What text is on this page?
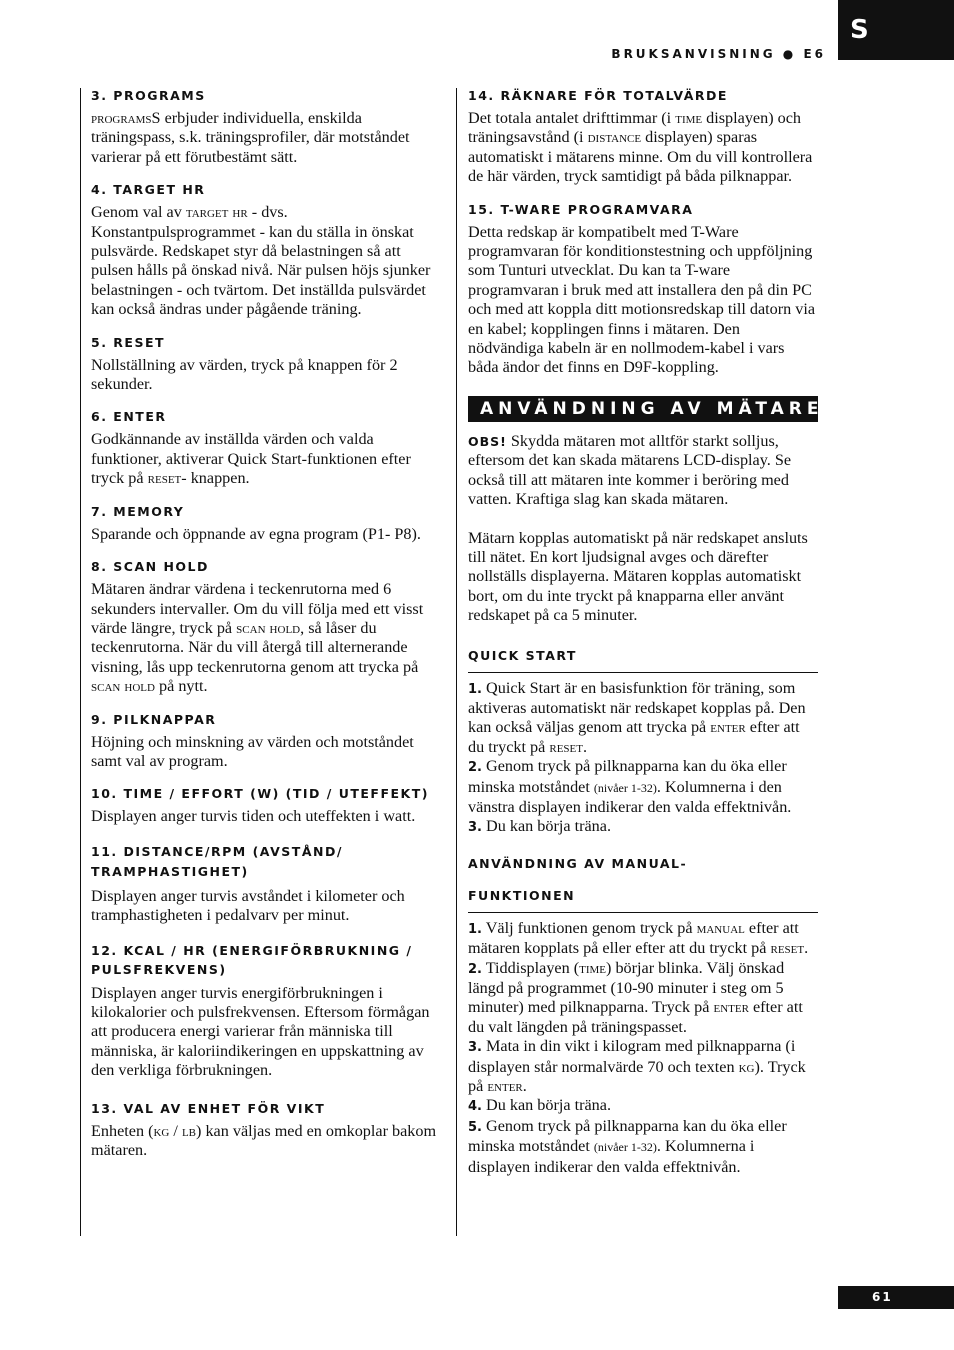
S
BRUKSANVISNING ● E6
3. PROGRAMS

programsS erbjuder individuella, enskilda träningspass, s.k. träningsprofiler, där motståndet varierar på ett förutbestämt sätt.

4. TARGET HR

Genom val av target hr - dvs. Konstantpulsprogrammet - kan du ställa in önskat pulsvärde. Redskapet styr då belastningen så att pulsen hålls på önskad nivå. När pulsen höjs sjunker belastningen - och tvärtom. Det inställda pulsvärdet kan också ändras under pågående träning.

5. RESET

Nollställning av värden, tryck på knappen för 2 sekunder.

6. ENTER

Godkännande av inställda värden och valda funktioner, aktiverar Quick Start-funktionen efter tryck på reset- knappen.

7. MEMORY

Sparande och öppnande av egna program (P1- P8).

8. SCAN HOLD

Mätaren ändrar värdena i teckenrutorna med 6 sekunders intervaller. Om du vill följa med ett visst värde längre, tryck på scan hold, så låser du teckenrutorna. När du vill återgå till alternerande visning, lås upp teckenrutorna genom att trycka på scan hold på nytt.

9. PILKNAPPAR

Höjning och minskning av värden och motståndet samt val av program.

10. TIME / EFFORT (W) (TID / UTEFFEKT)

Displayen anger turvis tiden och uteffekten i watt.

11. DISTANCE/RPM (AVSTÅND/ TRAMPHASTIGHET)

Displayen anger turvis avståndet i kilometer och tramphastigheten i pedalvarv per minut.

12. KCAL / HR (ENERGIFÖRBRUKNING / PULSFREKVENS)

Displayen anger turvis energiförbrukningen i kilokalorier och pulsfrekvensen. Eftersom förmågan att producera energi varierar från människa till människa, är kaloriindikeringen en uppskattning av den verkliga förbrukningen.

13. VAL AV ENHET FÖR VIKT

Enheten (kg / lb) kan väljas med en omkoplar bakom mätaren.

14. RÄKNARE FÖR TOTALVÄRDE

Det totala antalet drifttimmar (i time displayen) och träningsavstånd (i distance displayen) sparas automatiskt i mätarens minne. Om du vill kontrollera de här värden, tryck samtidigt på båda pilknappar.

15. T-WARE PROGRAMVARA

Detta redskap är kompatibelt med T-Ware programvaran för konditionstestning och uppföljning som Tunturi utvecklat. Du kan ta T-ware programvaran i bruk med att installera den på din PC och med att koppla ditt motionsredskap till datorn via en kabel; kopplingen finns i mätaren. Den nödvändiga kabeln är en nollmodem-kabel i vars båda ändor det finns en D9F-koppling.

ANVÄNDNING AV MÄTAREN

OBS! Skydda mätaren mot alltför starkt solljus, eftersom det kan skada mätarens LCD-display. Se också till att mätaren inte kommer i beröring med vatten. Kraftiga slag kan skada mätaren.

Mätarn kopplas automatiskt på när redskapet ansluts till nätet. En kort ljudsignal avges och därefter nollställs displayerna. Mätaren kopplas automatiskt bort, om du inte tryckt på knapparna eller använt redskapet på ca 5 minuter.

QUICK START

1. Quick Start är en basisfunktion för träning, som aktiveras automatiskt när redskapet kopplas på. Den kan också väljas genom att trycka på enter efter att du tryckt på reset.

2. Genom tryck på pilknapparna kan du öka eller minska motståndet (nivåer 1-32). Kolumnerna i den vänstra displayen indikerar den valda effektnivån.

3. Du kan börja träna.

ANVÄNDNING AV MANUAL-
FUNKTIONEN

1. Välj funktionen genom tryck på manual efter att mätaren kopplats på eller efter att du tryckt på reset.

2. Tiddisplayen (time) börjar blinka. Välj önskad längd på programmet (10-90 minuter i steg om 5 minuter) med pilknapparna. Tryck på enter efter att du valt längden på träningspasset.

3. Mata in din vikt i kilogram med pilknapparna (i displayen står normalvärde 70 och texten kg). Tryck på enter.

4. Du kan börja träna.

5. Genom tryck på pilknapparna kan du öka eller minska motståndet (nivåer 1-32). Kolumnerna i displayen indikerar den valda effektnivån.

61
